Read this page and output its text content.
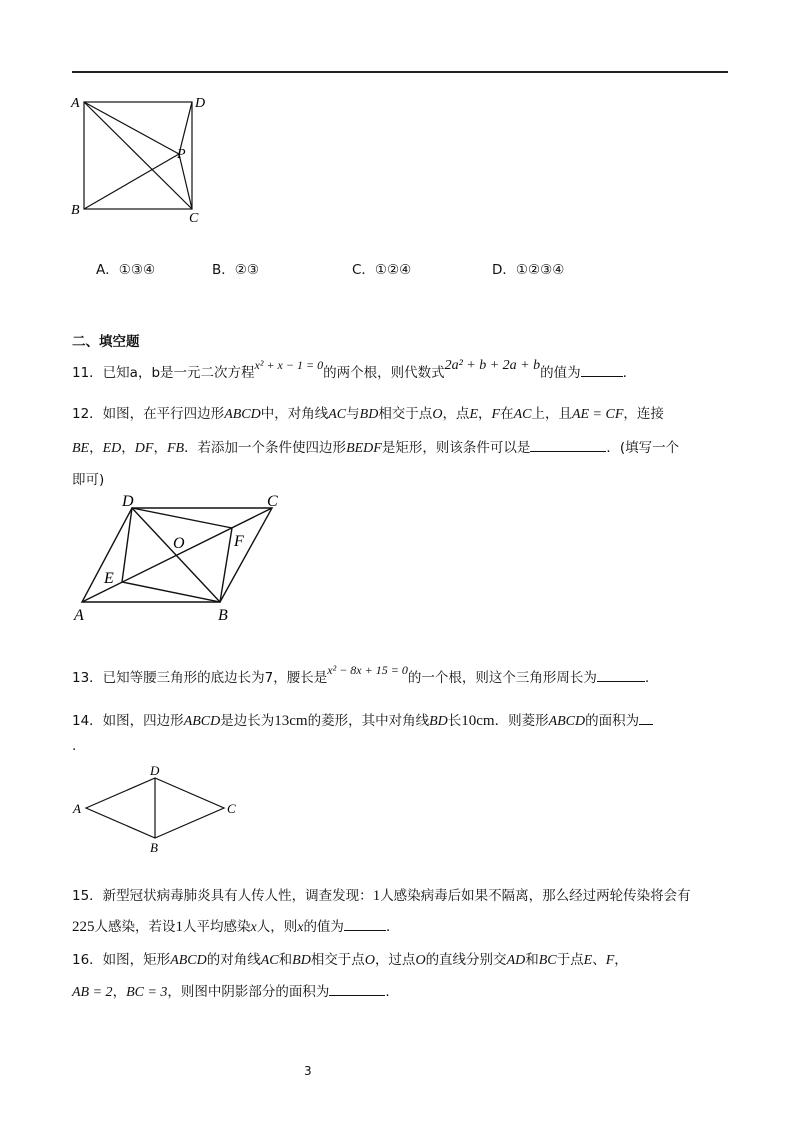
A	D
P
B
C
A．①③④	B．②③	C．①②④	D．①②③④
二、填空题
11．已知a，b是一元二次方程x² + x − 1 = 0的两个根，则代数式2a² + b + 2a + b的值为	.
12．如图，在平行四边形ABCD中，对角线AC与BD相交于点O，点E，F在AC上，且AE = CF，连接
BE，ED，DF，FB．若添加一个条件使四边形BEDF是矩形，则该条件可以是	．(填写一个
即可)
D	C
O	F
E
A	B
13．已知等腰三角形的底边长为7，腰长是x² − 8x + 15 = 0的一个根，则这个三角形周长为	.
14．如图，四边形ABCD是边长为13cm的菱形，其中对角线BD长10cm．则菱形ABCD的面积为
.
D
A	C
B
15．新型冠状病毒肺炎具有人传人性，调查发现：1人感染病毒后如果不隔离，那么经过两轮传染将会有
225人感染，若设1人平均感染x人，则x的值为	．
16．如图，矩形ABCD的对角线AC和BD相交于点O，过点O的直线分别交AD和BC于点E、F，
AB = 2，BC = 3，则图中阴影部分的面积为	.
3
